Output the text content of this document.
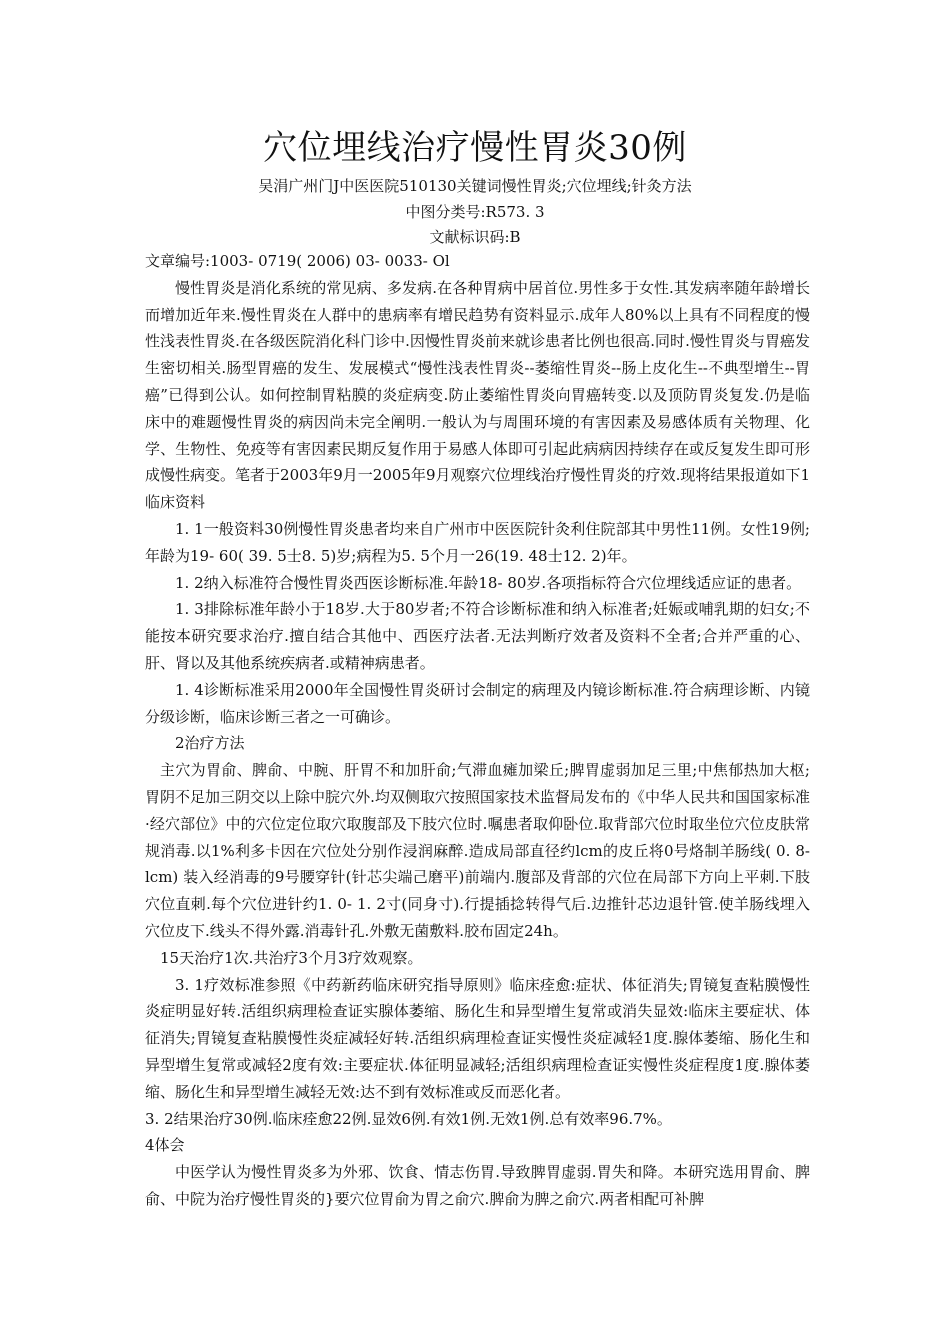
穴位埋线治疗慢性胃炎30例
吴涓广州门J中医医院510130关键词慢性胃炎;穴位埋线;针灸方法
中图分类号:R573. 3
文献标识码:B

文章编号:1003- 0719( 2006) 03- 0033- Ol

慢性胃炎是消化系统的常见病、多发病.在各种胃病中居首位.男性多于女性.其发病率随年龄增长而增加近年来.慢性胃炎在人群中的患病率有增民趋势有资料显示.成年人80%以上具有不同程度的慢性浅表性胃炎.在各级医院消化科门诊中.因慢性胃炎前来就诊患者比例也很高.同时.慢性胃炎与胃癌发生密切相关.肠型胃癌的发生、发展模式“慢性浅表性胃炎--萎缩性胃炎--肠上皮化生--不典型增生--胃癌”已得到公认。如何控制胃粘膜的炎症病变.防止萎缩性胃炎向胃癌转变.以及顶防胃炎复发.仍是临床中的难题慢性胃炎的病因尚未完全阐明.一般认为与周围环境的有害因素及易感体质有关物理、化学、生物性、免疫等有害因素民期反复作用于易感人体即可引起此病病因持续存在或反复发生即可形成慢性病变。笔者于2003年9月一2005年9月观察穴位埋线治疗慢性胃炎的疗效.现将结果报道如下1临床资料

1. 1一般资料30例慢性胃炎患者均来自广州市中医医院针灸利住院部其中男性11例。女性19例;年龄为19- 60( 39. 5士8. 5)岁;病程为5. 5个月一26(19. 48士12. 2)年。

1. 2纳入标准符合慢性胃炎西医诊断标准.年龄18- 80岁.各项指标符合穴位埋线适应证的患者。

1. 3排除标准年龄小于18岁.大于80岁者;不符合诊断标准和纳入标准者;妊娠或哺乳期的妇女;不能按本研究要求治疗.擅自结合其他中、西医疗法者.无法判断疗效者及资料不全者;合并严重的心、肝、肾以及其他系统疾病者.或精神病患者。

1. 4诊断标准采用2000年全国慢性胃炎研讨会制定的病理及内镜诊断标准.符合病理诊断、内镜分级诊断，临床诊断三者之一可确诊。

2治疗方法

主穴为胃俞、脾俞、中腕、肝胃不和加肝俞;气滞血瘫加梁丘;脾胃虚弱加足三里;中焦郁热加大枢;胃阴不足加三阴交以上除中脘穴外.均双侧取穴按照国家技术监督局发布的《中华人民共和国国家标准·经穴部位》中的穴位定位取穴取腹部及下肢穴位时.嘱患者取仰卧位.取背部穴位时取坐位穴位皮肤常规消毒.以1%利多卡因在穴位处分别作浸润麻醉.造成局部直径约lcm的皮丘将0号烙制羊肠线( 0. 8- lcm) 装入经消毒的9号腰穿针(针芯尖端己磨平)前端内.腹部及背部的穴位在局部下方向上平刺.下肢穴位直刺.每个穴位进针约1. 0- 1. 2寸(同身寸).行提插捻转得气后.边推针芯边退针管.使羊肠线埋入穴位皮下.线头不得外露.消毒针孔.外敷无菌敷料.胶布固定24h。

15天治疗1次.共治疗3个月3疗效观察。

3. 1疗效标准参照《中药新药临床研究指导原则》临床痊愈:症状、体征消失;胃镜复查粘膜慢性炎症明显好转.活组织病理检查证实腺体萎缩、肠化生和异型增生复常或消失显效:临床主要症状、体征消失;胃镜复查粘膜慢性炎症减轻好转.活组织病理检查证实慢性炎症减轻1度.腺体萎缩、肠化生和异型增生复常或减轻2度有效:主要症状.体征明显减轻;活组织病理检查证实慢性炎症程度1度.腺体萎缩、肠化生和异型增生减轻无效:达不到有效标准或反而恶化者。

3. 2结果治疗30例.临床痊愈22例.显效6例.有效1例.无效1例.总有效率96.7%。

4体会

中医学认为慢性胃炎多为外邪、饮食、情志伤胃.导致脾胃虚弱.胃失和降。本研究选用胃俞、脾俞、中院为治疗慢性胃炎的}要穴位胃俞为胃之俞穴.脾俞为脾之俞穴.两者相配可补脾
